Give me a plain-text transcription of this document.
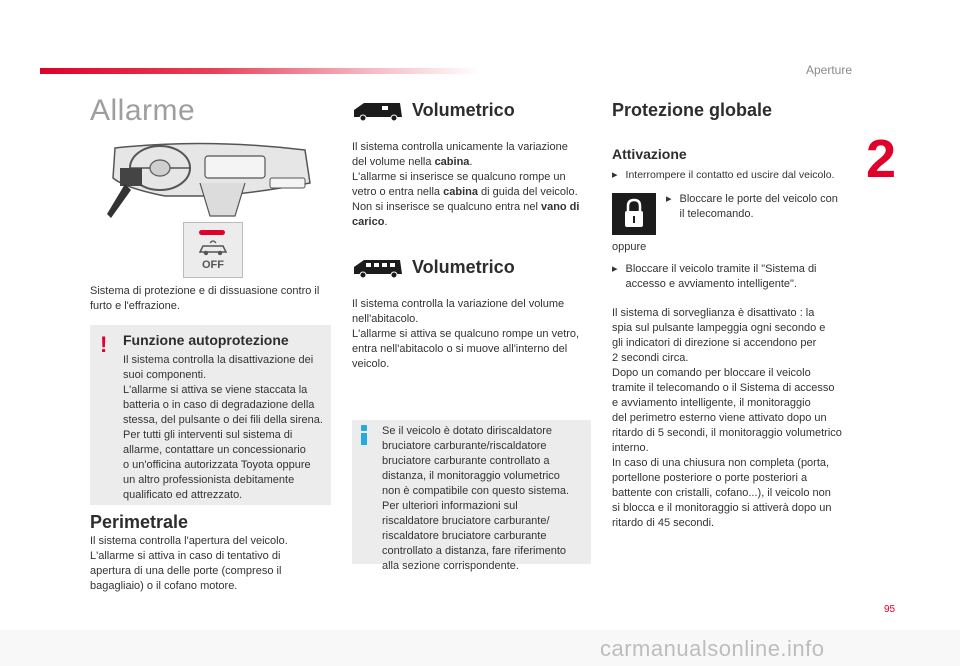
Aperture
2
95
Allarme
OFF
Sistema di protezione e di dissuasione contro il furto e l'effrazione.
! Funzione autoprotezione
Il sistema controlla la disattivazione dei
suoi componenti.
L'allarme si attiva se viene staccata la
batteria o in caso di degradazione della
stessa, del pulsante o dei fili della sirena.
Per tutti gli interventi sul sistema di
allarme, contattare un concessionario
o un'officina autorizzata Toyota oppure
un altro professionista debitamente
qualificato ed attrezzato.
Perimetrale
Il sistema controlla l'apertura del veicolo.
L'allarme si attiva in caso di tentativo di
apertura di una delle porte (compreso il
bagagliaio) o il cofano motore.
Volumetrico
Il sistema controlla unicamente la variazione
del volume nella cabina.
L'allarme si inserisce se qualcuno rompe un
vetro o entra nella cabina di guida del veicolo.
Non si inserisce se qualcuno entra nel vano di
carico.
Volumetrico
Il sistema controlla la variazione del volume
nell'abitacolo.
L'allarme si attiva se qualcuno rompe un vetro,
entra nell'abitacolo o si muove all'interno del
veicolo.
Se il veicolo è dotato diriscaldatore
bruciatore carburante/riscaldatore
bruciatore carburante controllato a
distanza, il monitoraggio volumetrico
non è compatibile con questo sistema.
Per ulteriori informazioni sul
riscaldatore bruciatore carburante/
riscaldatore bruciatore carburante
controllato a distanza, fare riferimento
alla sezione corrispondente.
Protezione globale
Attivazione
▸ Interrompere il contatto ed uscire dal veicolo.
▸ Bloccare le porte del veicolo con
il telecomando.
oppure
▸ Bloccare il veicolo tramite il "Sistema di
accesso e avviamento intelligente".
Il sistema di sorveglianza è disattivato : la
spia sul pulsante lampeggia ogni secondo e
gli indicatori di direzione si accendono per
2 secondi circa.
Dopo un comando per bloccare il veicolo
tramite il telecomando o il Sistema di accesso
e avviamento intelligente, il monitoraggio
del perimetro esterno viene attivato dopo un
ritardo di 5 secondi, il monitoraggio volumetrico
interno.
In caso di una chiusura non completa (porta,
portellone posteriore o porte posteriori a
battente con cristalli, cofano...), il veicolo non
si blocca e il monitoraggio si attiverà dopo un
ritardo di 45 secondi.
carmanualsonline.info
